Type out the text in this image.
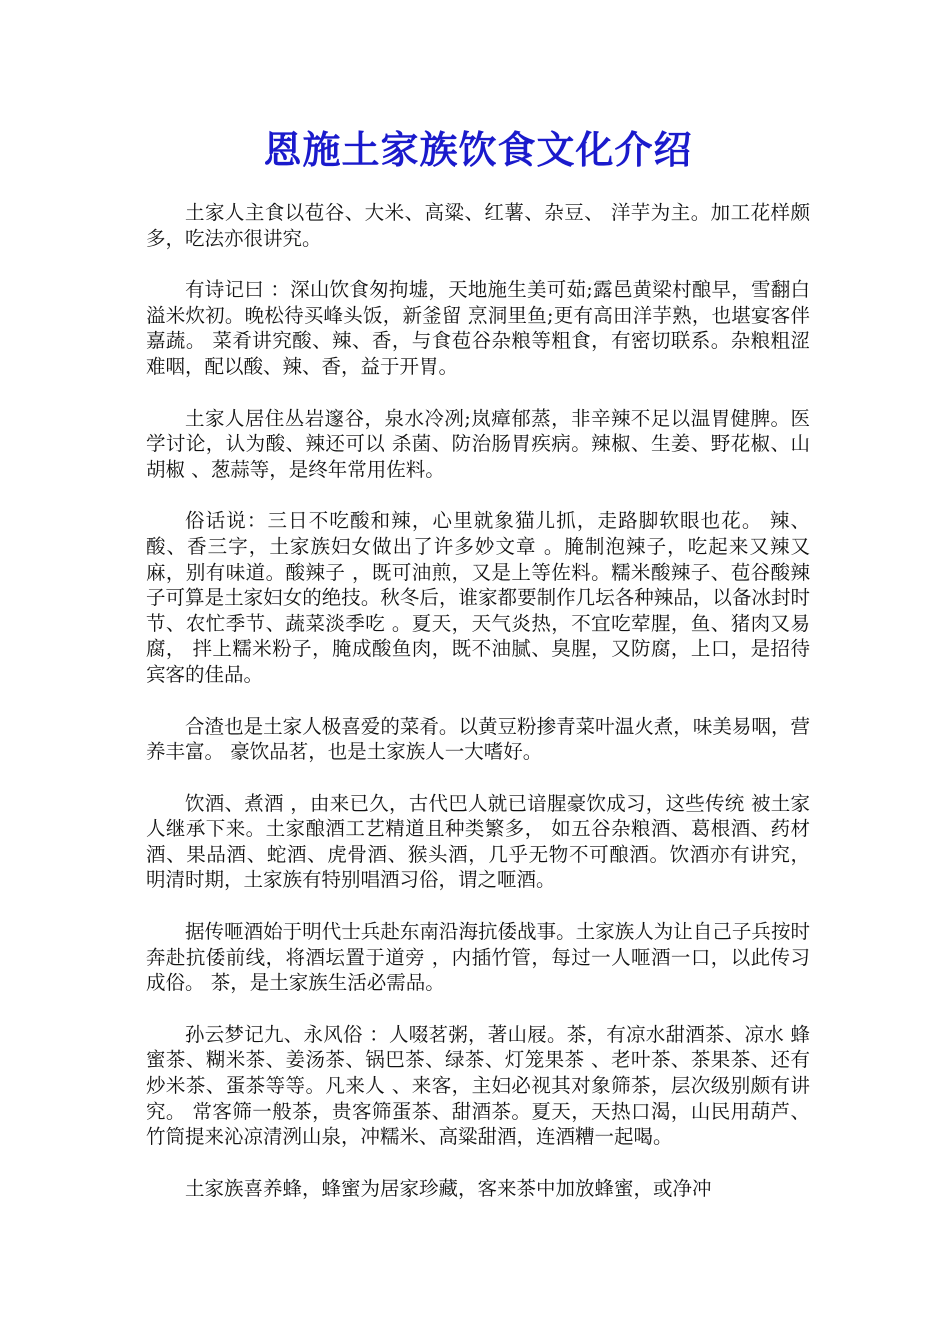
恩施土家族饮食文化介绍

土家人主食以苞谷、大米、高粱、红薯、杂豆、 洋芋为主。加工花样颇多，吃法亦很讲究。

有诗记曰 ：深山饮食匆拘墟，天地施生美可茹;露邑黄梁村酿早，雪翻白溢米炊初。晚松待买峰头饭，新釜留 烹洞里鱼;更有高田洋芋熟，也堪宴客伴嘉蔬。 菜肴讲究酸、辣、香，与食苞谷杂粮等粗食，有密切联系。杂粮粗涩难咽，配以酸、辣、香，益于开胃。

土家人居住丛岩邃谷，泉水冷冽;岚瘴郁蒸，非辛辣不足以温胃健脾。医学讨论，认为酸、辣还可以 杀菌、防治肠胃疾病。辣椒、生姜、野花椒、山胡椒 、葱蒜等，是终年常用佐料。

俗话说：三日不吃酸和辣，心里就象猫儿抓，走路脚软眼也花。 辣、酸、香三字，土家族妇女做出了许多妙文章 。腌制泡辣子，吃起来又辣又麻，别有味道。酸辣子 ，既可油煎，又是上等佐料。糯米酸辣子、苞谷酸辣 子可算是土家妇女的绝技。秋冬后，谁家都要制作几坛各种辣品，以备冰封时节、农忙季节、蔬菜淡季吃 。夏天，天气炎热，不宜吃荤腥，鱼、猪肉又易腐， 拌上糯米粉子，腌成酸鱼肉，既不油腻、臭腥，又防腐，上口，是招待宾客的佳品。

合渣也是土家人极喜爱的菜肴。以黄豆粉掺青菜叶温火煮，味美易咽，营养丰富。 豪饮品茗，也是土家族人一大嗜好。

饮酒、煮酒 ，由来已久，古代巴人就已谙腥豪饮成习，这些传统 被土家人继承下来。土家酿酒工艺精道且种类繁多， 如五谷杂粮酒、葛根酒、药材酒、果品酒、蛇酒、虎骨酒、猴头酒，几乎无物不可酿酒。饮酒亦有讲究， 明清时期，土家族有特别唱酒习俗，谓之咂酒。

据传咂酒始于明代士兵赴东南沿海抗倭战事。土家族人为让自己子兵按时奔赴抗倭前线，将酒坛置于道旁 ，内插竹管，每过一人咂酒一口，以此传习成俗。 茶，是土家族生活必需品。

孙云梦记九、永风俗 ：人啜茗粥，著山屐。茶，有凉水甜酒茶、凉水 蜂蜜茶、糊米茶、姜汤茶、锅巴茶、绿茶、灯笼果茶 、老叶茶、茶果茶、还有炒米茶、蛋茶等等。凡来人 、来客，主妇必视其对象筛茶，层次级别颇有讲究。 常客筛一般茶，贵客筛蛋茶、甜酒茶。夏天，天热口渴，山民用葫芦、竹筒提来沁凉清洌山泉，冲糯米、高粱甜酒，连酒糟一起喝。

土家族喜养蜂，蜂蜜为居家珍藏，客来茶中加放蜂蜜，或净冲
